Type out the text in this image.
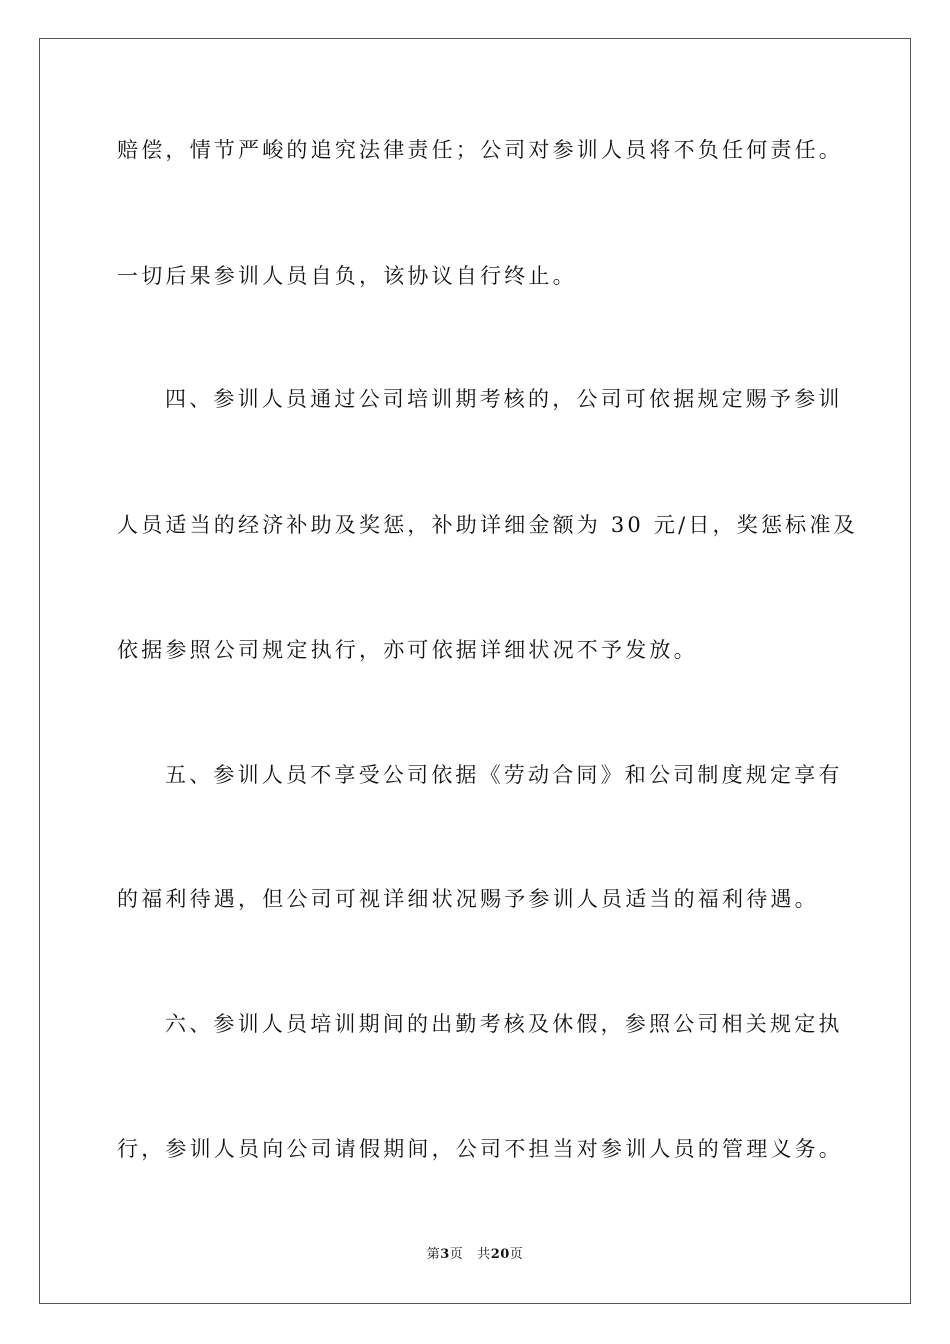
赔偿，情节严峻的追究法律责任；公司对参训人员将不负任何责任。
一切后果参训人员自负，该协议自行终止。
四、参训人员通过公司培训期考核的，公司可依据规定赐予参训
人员适当的经济补助及奖惩，补助详细金额为 30 元/日，奖惩标准及
依据参照公司规定执行，亦可依据详细状况不予发放。
五、参训人员不享受公司依据《劳动合同》和公司制度规定享有
的福利待遇，但公司可视详细状况赐予参训人员适当的福利待遇。
六、参训人员培训期间的出勤考核及休假，参照公司相关规定执
行，参训人员向公司请假期间，公司不担当对参训人员的管理义务。
第3页 共20页
